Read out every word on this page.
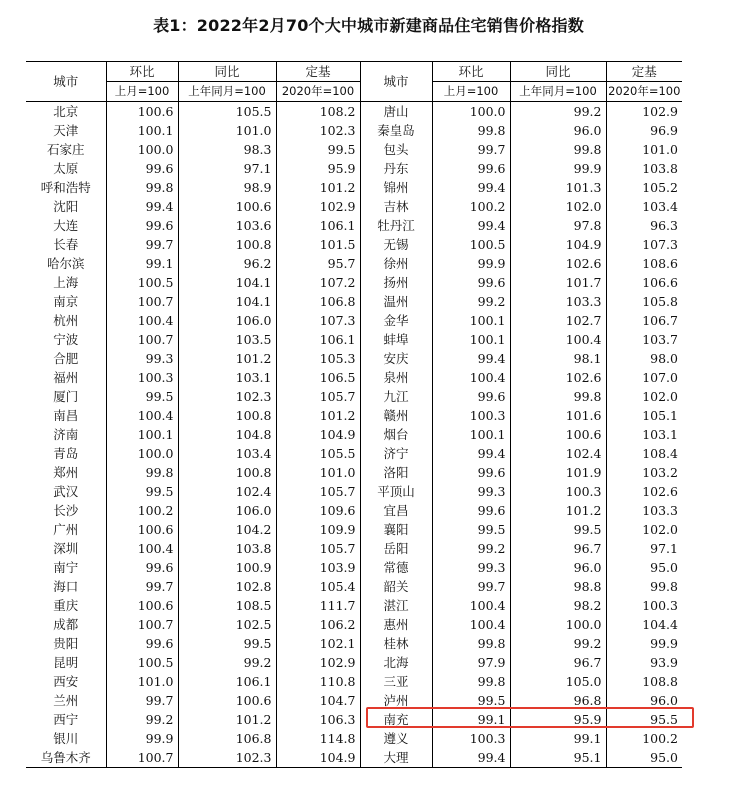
表1：2022年2月70个大中城市新建商品住宅销售价格指数
城市	环比	同比	定基	城市	环比	同比	定基
	上月=100	上年同月=100	2020年=100		上月=100	上年同月=100	2020年=100
北京	100.6	105.5	108.2	唐山	100.0	99.2	102.9
天津	100.1	101.0	102.3	秦皇岛	99.8	96.0	96.9
石家庄	100.0	98.3	99.5	包头	99.7	99.8	101.0
太原	99.6	97.1	95.9	丹东	99.6	99.9	103.8
呼和浩特	99.8	98.9	101.2	锦州	99.4	101.3	105.2
沈阳	99.4	100.6	102.9	吉林	100.2	102.0	103.4
大连	99.6	103.6	106.1	牡丹江	99.4	97.8	96.3
长春	99.7	100.8	101.5	无锡	100.5	104.9	107.3
哈尔滨	99.1	96.2	95.7	徐州	99.9	102.6	108.6
上海	100.5	104.1	107.2	扬州	99.6	101.7	106.6
南京	100.7	104.1	106.8	温州	99.2	103.3	105.8
杭州	100.4	106.0	107.3	金华	100.1	102.7	106.7
宁波	100.7	103.5	106.1	蚌埠	100.1	100.4	103.7
合肥	99.3	101.2	105.3	安庆	99.4	98.1	98.0
福州	100.3	103.1	106.5	泉州	100.4	102.6	107.0
厦门	99.5	102.3	105.7	九江	99.6	99.8	102.0
南昌	100.4	100.8	101.2	赣州	100.3	101.6	105.1
济南	100.1	104.8	104.9	烟台	100.1	100.6	103.1
青岛	100.0	103.4	105.5	济宁	99.4	102.4	108.4
郑州	99.8	100.8	101.0	洛阳	99.6	101.9	103.2
武汉	99.5	102.4	105.7	平顶山	99.3	100.3	102.6
长沙	100.2	106.0	109.6	宜昌	99.6	101.2	103.3
广州	100.6	104.2	109.9	襄阳	99.5	99.5	102.0
深圳	100.4	103.8	105.7	岳阳	99.2	96.7	97.1
南宁	99.6	100.9	103.9	常德	99.3	96.0	95.0
海口	99.7	102.8	105.4	韶关	99.7	98.8	99.8
重庆	100.6	108.5	111.7	湛江	100.4	98.2	100.3
成都	100.7	102.5	106.2	惠州	100.4	100.0	104.4
贵阳	99.6	99.5	102.1	桂林	99.8	99.2	99.9
昆明	100.5	99.2	102.9	北海	97.9	96.7	93.9
西安	101.0	106.1	110.8	三亚	99.8	105.0	108.8
兰州	99.7	100.6	104.7	泸州	99.5	96.8	96.0
西宁	99.2	101.2	106.3	南充	99.1	95.9	95.5
银川	99.9	106.8	114.8	遵义	100.3	99.1	100.2
乌鲁木齐	100.7	102.3	104.9	大理	99.4	95.1	95.0
